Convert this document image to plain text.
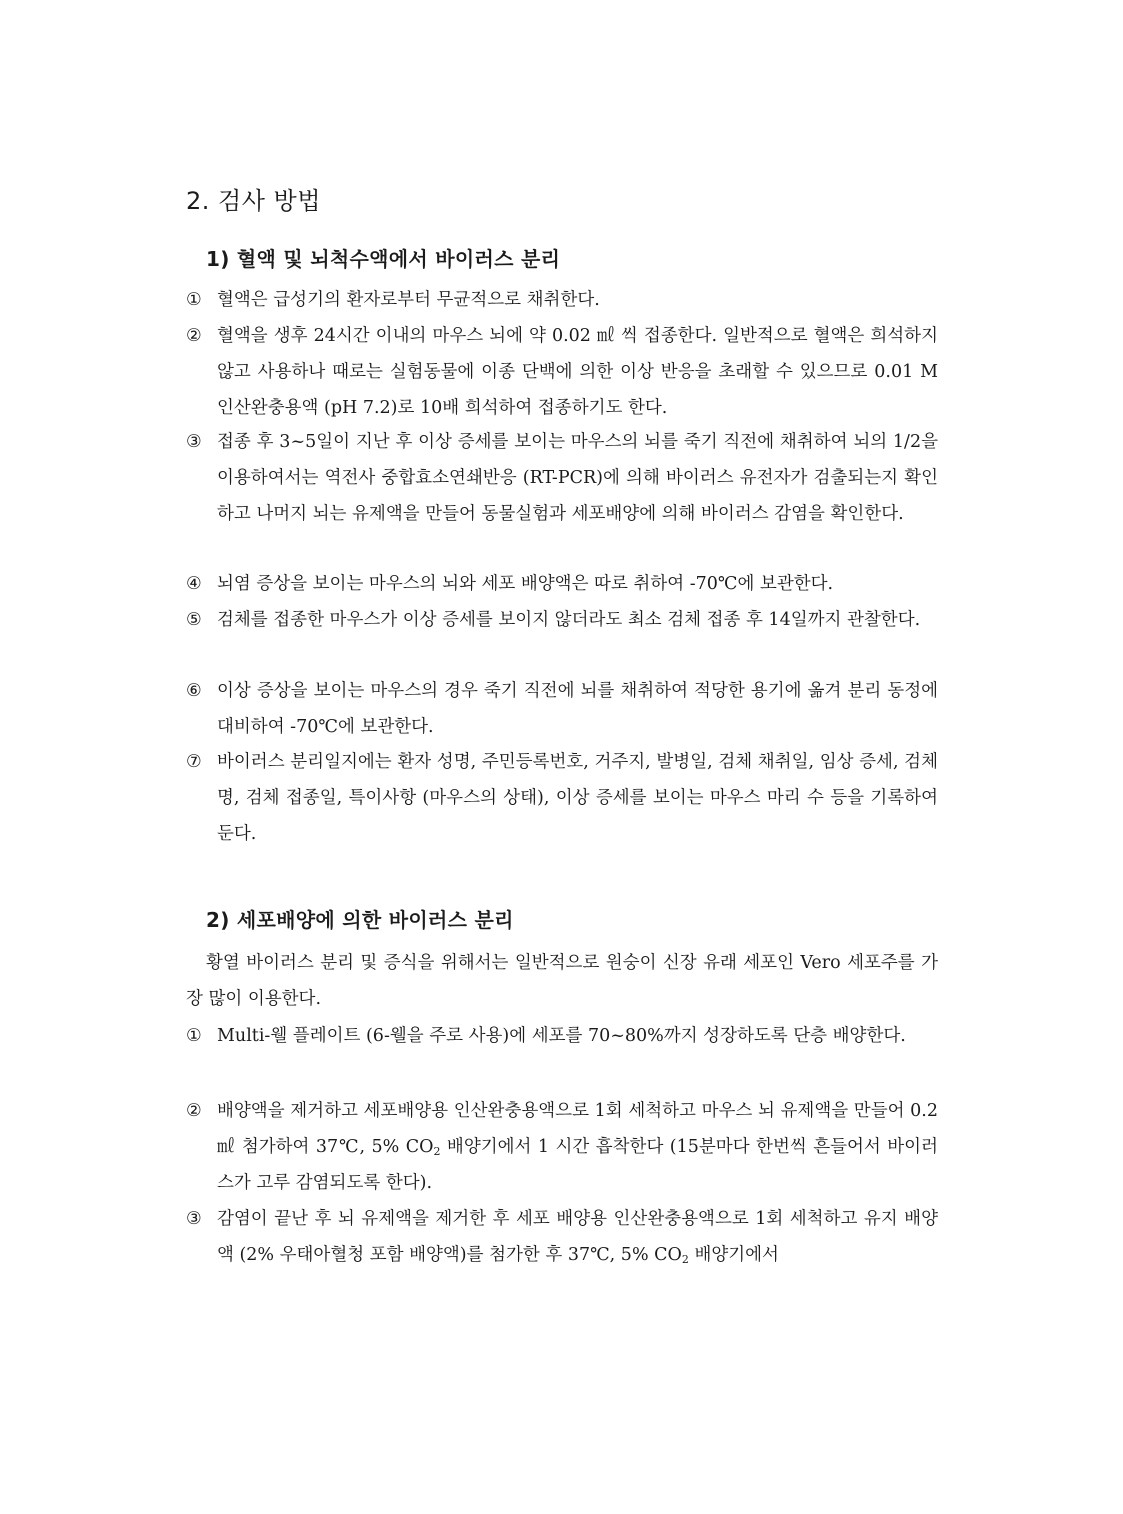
2. 검사 방법
1) 혈액 및 뇌척수액에서 바이러스 분리
① 혈액은 급성기의 환자로부터 무균적으로 채취한다.
② 혈액을 생후 24시간 이내의 마우스 뇌에 약 0.02 ㎖ 씩 접종한다. 일반적으로 혈액은 희석하지 않고 사용하나 때로는 실험동물에 이종 단백에 의한 이상 반응을 초래할 수 있으므로 0.01 M 인산완충용액 (pH 7.2)로 10배 희석하여 접종하기도 한다.
③ 접종 후 3~5일이 지난 후 이상 증세를 보이는 마우스의 뇌를 죽기 직전에 채취하여 뇌의 1/2을 이용하여서는 역전사 중합효소연쇄반응 (RT-PCR)에 의해 바이러스 유전자가 검출되는지 확인하고 나머지 뇌는 유제액을 만들어 동물실험과 세포배양에 의해 바이러스 감염을 확인한다.
④ 뇌염 증상을 보이는 마우스의 뇌와 세포 배양액은 따로 취하여 -70℃에 보관한다.
⑤ 검체를 접종한 마우스가 이상 증세를 보이지 않더라도 최소 검체 접종 후 14일까지 관찰한다.
⑥ 이상 증상을 보이는 마우스의 경우 죽기 직전에 뇌를 채취하여 적당한 용기에 옮겨 분리 동정에 대비하여 -70℃에 보관한다.
⑦ 바이러스 분리일지에는 환자 성명, 주민등록번호, 거주지, 발병일, 검체 채취일, 임상 증세, 검체명, 검체 접종일, 특이사항 (마우스의 상태), 이상 증세를 보이는 마우스 마리 수 등을 기록하여 둔다.
2) 세포배양에 의한 바이러스 분리
황열 바이러스 분리 및 증식을 위해서는 일반적으로 원숭이 신장 유래 세포인 Vero 세포주를 가장 많이 이용한다.
① Multi-웰 플레이트 (6-웰을 주로 사용)에 세포를 70~80%까지 성장하도록 단층 배양한다.
② 배양액을 제거하고 세포배양용 인산완충용액으로 1회 세척하고 마우스 뇌 유제액을 만들어 0.2 ㎖ 첨가하여 37℃, 5% $CO_2$ 배양기에서 1 시간 흡착한다 (15분마다 한번씩 흔들어서 바이러스가 고루 감염되도록 한다).
③ 감염이 끝난 후 뇌 유제액을 제거한 후 세포 배양용 인산완충용액으로 1회 세척하고 유지 배양액 (2% 우태아혈청 포함 배양액)를 첨가한 후 37℃, 5% $CO_2$ 배양기에서
